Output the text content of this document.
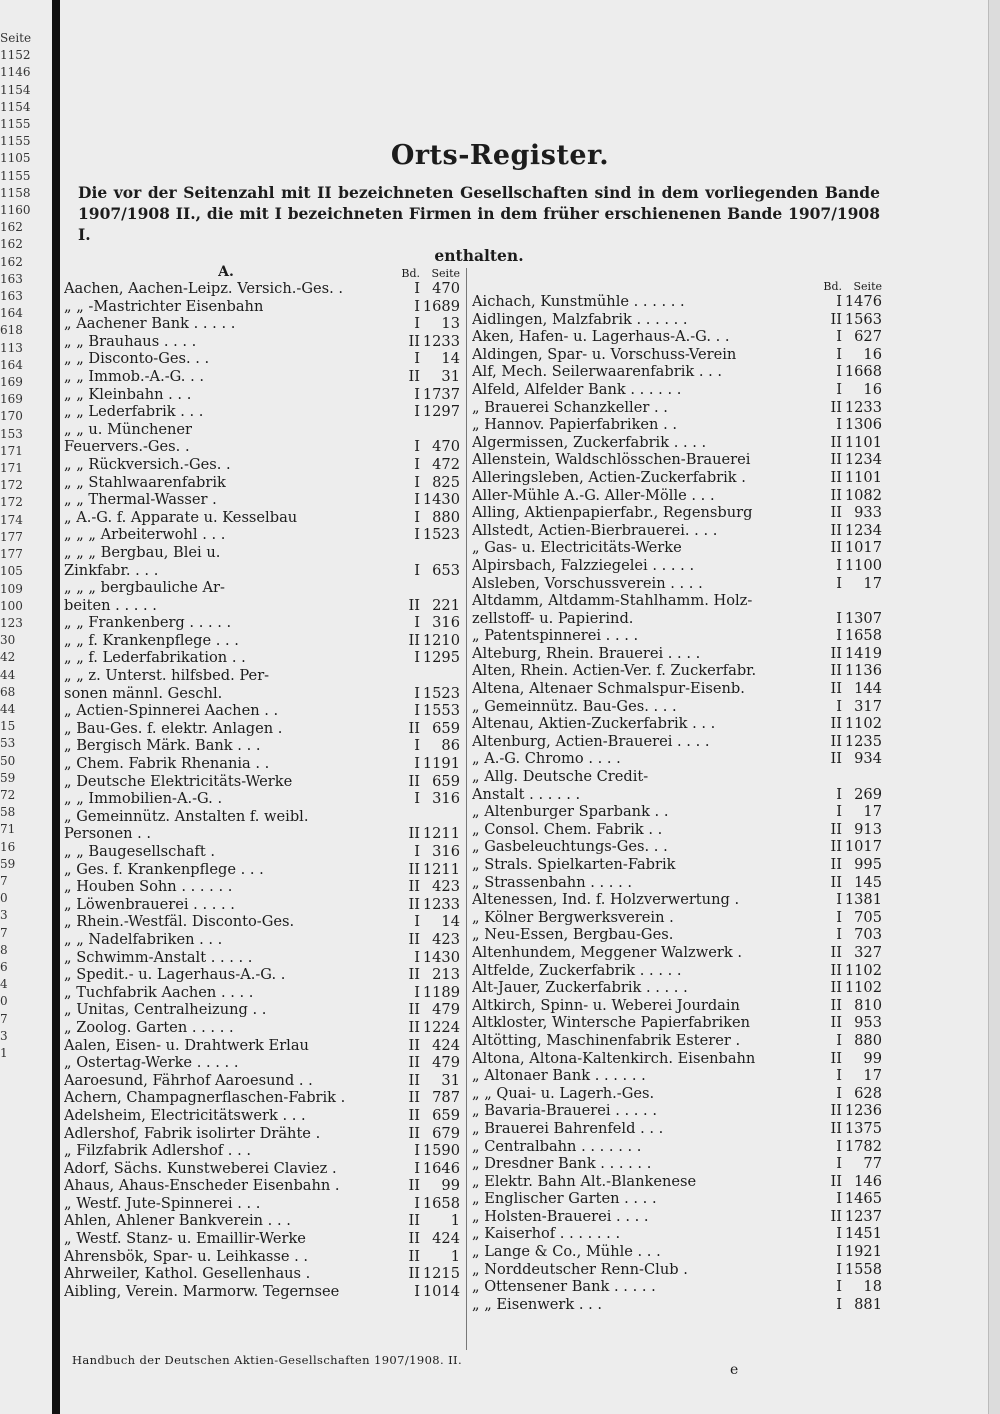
Seite
1152
1146
1154
1154
1155
1155
1105
1155
1158
1160
162
162
162
163
163
164
618
113
164
169
169
170
153
171
171
172
172
174
177
177
105
109
100
123
30
42
44
68
44
15
53
50
59
72
58
71
16
59
7
0
3
7
8
6
4
0
7
3
1
Orts-Register.
Die vor der Seitenzahl mit II bezeichneten Gesellschaften sind in dem vorliegenden Bande 1907/1908 II., die mit I bezeichneten Firmen in dem früher erschienenen Bande 1907/1908 I.
enthalten.
A.	Bd.	Seite
Aachen, Aachen-Leipz. Versich.-Ges. .	I 470
„ „ -Mastrichter Eisenbahn	I 1689
„ Aachener Bank . . . . .	I	13
„ „ Brauhaus . . . .	II 1233
„ „ Disconto-Ges. . .	I	14
„ „ Immob.-A.-G. . .	II	31
„ „ Kleinbahn . . .	I 1737
„ „ Lederfabrik . . .	I 1297
„ „ u. Münchener
Feuervers.-Ges. .	I 470
„ „ Rückversich.-Ges. .	I 472
„ „ Stahlwaarenfabrik	I 825
„ „ Thermal-Wasser .	I 1430
„ A.-G. f. Apparate u. Kesselbau	I 880
„ „ „ Arbeiterwohl . . .	I 1523
„ „ „ Bergbau, Blei u.
Zinkfabr. . . .	I 653
„ „ „ bergbauliche Ar-
beiten . . . . .	II 221
„ „ Frankenberg . . . . .	I 316
„ „ f. Krankenpflege . . .	II 1210
„ „ f. Lederfabrikation . .	I 1295
„ „ z. Unterst. hilfsbed. Per-
sonen männl. Geschl.	I 1523
„ Actien-Spinnerei Aachen . .	I 1553
„ Bau-Ges. f. elektr. Anlagen .	II 659
„ Bergisch Märk. Bank . . .	I	86
„ Chem. Fabrik Rhenania . .	I 1191
„ Deutsche Elektricitäts-Werke	II 659
„ „ Immobilien-A.-G. .	I 316
„ Gemeinnütz. Anstalten f. weibl.
Personen . .	II 1211
„ „ Baugesellschaft .	I 316
„ Ges. f. Krankenpflege . . .	II 1211
„ Houben Sohn . . . . . .	II 423
„ Löwenbrauerei . . . . .	II 1233
„ Rhein.-Westfäl. Disconto-Ges.	I	14
„ „ Nadelfabriken . . .	II 423
„ Schwimm-Anstalt . . . . .	I 1430
„ Spedit.- u. Lagerhaus-A.-G. .	II 213
„ Tuchfabrik Aachen . . . .	I 1189
„ Unitas, Centralheizung . .	II 479
„ Zoolog. Garten . . . . .	II 1224
Aalen, Eisen- u. Drahtwerk Erlau	II 424
„ Ostertag-Werke . . . . .	II 479
Aaroesund, Fährhof Aaroesund . .	II	31
Achern, Champagnerflaschen-Fabrik .	II 787
Adelsheim, Electricitätswerk . . .	II 659
Adlershof, Fabrik isolirter Drähte .	II 679
„ Filzfabrik Adlershof . . .	I 1590
Adorf, Sächs. Kunstweberei Claviez .	I 1646
Ahaus, Ahaus-Enscheder Eisenbahn .	II	99
„ Westf. Jute-Spinnerei . . .	I 1658
Ahlen, Ahlener Bankverein . . .	II	1
„ Westf. Stanz- u. Emaillir-Werke	II 424
Ahrensbök, Spar- u. Leihkasse . .	II	1
Ahrweiler, Kathol. Gesellenhaus .	II 1215
Aibling, Verein. Marmorw. Tegernsee	I 1014
Bd.	Seite
Aichach, Kunstmühle . . . . . .	I 1476
Aidlingen, Malzfabrik . . . . . .	II 1563
Aken, Hafen- u. Lagerhaus-A.-G. . .	I 627
Aldingen, Spar- u. Vorschuss-Verein	I	16
Alf, Mech. Seilerwaarenfabrik . . .	I 1668
Alfeld, Alfelder Bank . . . . . .	I	16
„ Brauerei Schanzkeller . .	II 1233
„ Hannov. Papierfabriken . .	I 1306
Algermissen, Zuckerfabrik . . . .	II 1101
Allenstein, Waldschlösschen-Brauerei	II 1234
Alleringsleben, Actien-Zuckerfabrik .	II 1101
Aller-Mühle A.-G. Aller-Mölle . . .	II 1082
Alling, Aktienpapierfabr., Regensburg	II 933
Allstedt, Actien-Bierbrauerei. . . .	II 1234
„ Gas- u. Electricitäts-Werke	II 1017
Alpirsbach, Falzziegelei . . . . .	I 1100
Alsleben, Vorschussverein . . . .	I	17
Altdamm, Altdamm-Stahlhamm. Holz-
zellstoff- u. Papierind.	I 1307
„ Patentspinnerei . . . .	I 1658
Alteburg, Rhein. Brauerei . . . .	II 1419
Alten, Rhein. Actien-Ver. f. Zuckerfabr.	II 1136
Altena, Altenaer Schmalspur-Eisenb.	II 144
„ Gemeinnütz. Bau-Ges. . . .	I 317
Altenau, Aktien-Zuckerfabrik . . .	II 1102
Altenburg, Actien-Brauerei . . . .	II 1235
„ A.-G. Chromo . . . .	II 934
„ Allg. Deutsche Credit-
Anstalt . . . . . .	I 269
„ Altenburger Sparbank . .	I	17
„ Consol. Chem. Fabrik . .	II 913
„ Gasbeleuchtungs-Ges. . .	II 1017
„ Strals. Spielkarten-Fabrik	II 995
„ Strassenbahn . . . . .	II 145
Altenessen, Ind. f. Holzverwertung .	I 1381
„ Kölner Bergwerksverein .	I 705
„ Neu-Essen, Bergbau-Ges.	I 703
Altenhundem, Meggener Walzwerk .	II 327
Altfelde, Zuckerfabrik . . . . .	II 1102
Alt-Jauer, Zuckerfabrik . . . . .	II 1102
Altkirch, Spinn- u. Weberei Jourdain	II 810
Altkloster, Wintersche Papierfabriken	II 953
Altötting, Maschinenfabrik Esterer .	I 880
Altona, Altona-Kaltenkirch. Eisenbahn	II	99
„ Altonaer Bank . . . . . .	I	17
„ „ Quai- u. Lagerh.-Ges.	I 628
„ Bavaria-Brauerei . . . . .	II 1236
„ Brauerei Bahrenfeld . . .	II 1375
„ Centralbahn . . . . . . .	I 1782
„ Dresdner Bank . . . . . .	I	77
„ Elektr. Bahn Alt.-Blankenese	II 146
„ Englischer Garten . . . .	I 1465
„ Holsten-Brauerei . . . .	II 1237
„ Kaiserhof . . . . . . .	I 1451
„ Lange & Co., Mühle . . .	I 1921
„ Norddeutscher Renn-Club .	I 1558
„ Ottensener Bank . . . . .	I	18
„ „ Eisenwerk . . .	I 881
Handbuch der Deutschen Aktien-Gesellschaften 1907/1908. II.
e
